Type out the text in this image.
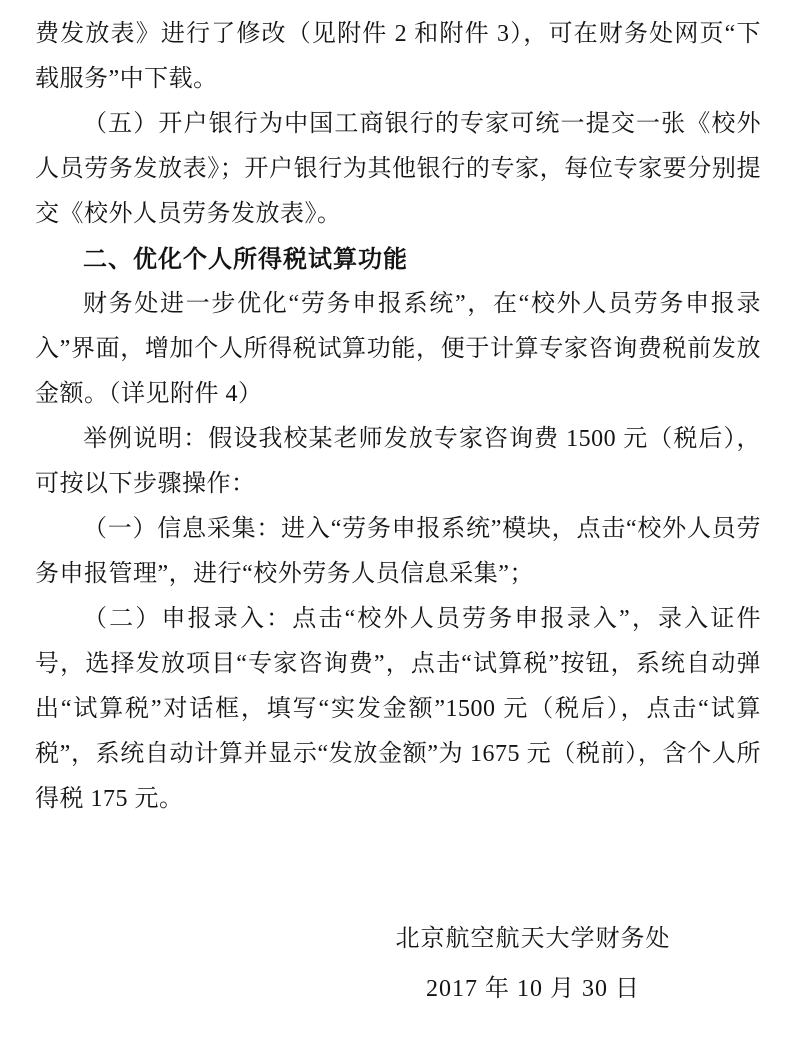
费发放表》进行了修改（见附件 2 和附件 3），可在财务处网页“下载服务”中下载。

（五）开户银行为中国工商银行的专家可统一提交一张《校外人员劳务发放表》；开户银行为其他银行的专家，每位专家要分别提交《校外人员劳务发放表》。

二、优化个人所得税试算功能

财务处进一步优化“劳务申报系统”，在“校外人员劳务申报录入”界面，增加个人所得税试算功能，便于计算专家咨询费税前发放金额。（详见附件 4）

举例说明：假设我校某老师发放专家咨询费 1500 元（税后），可按以下步骤操作：

（一）信息采集：进入“劳务申报系统”模块，点击“校外人员劳务申报管理”，进行“校外劳务人员信息采集”；

（二）申报录入：点击“校外人员劳务申报录入”，录入证件号，选择发放项目“专家咨询费”，点击“试算税”按钮，系统自动弹出“试算税”对话框，填写“实发金额”1500 元（税后），点击“试算税”，系统自动计算并显示“发放金额”为 1675 元（税前），含个人所得税 175 元。

北京航空航天大学财务处

2017 年 10 月 30 日
